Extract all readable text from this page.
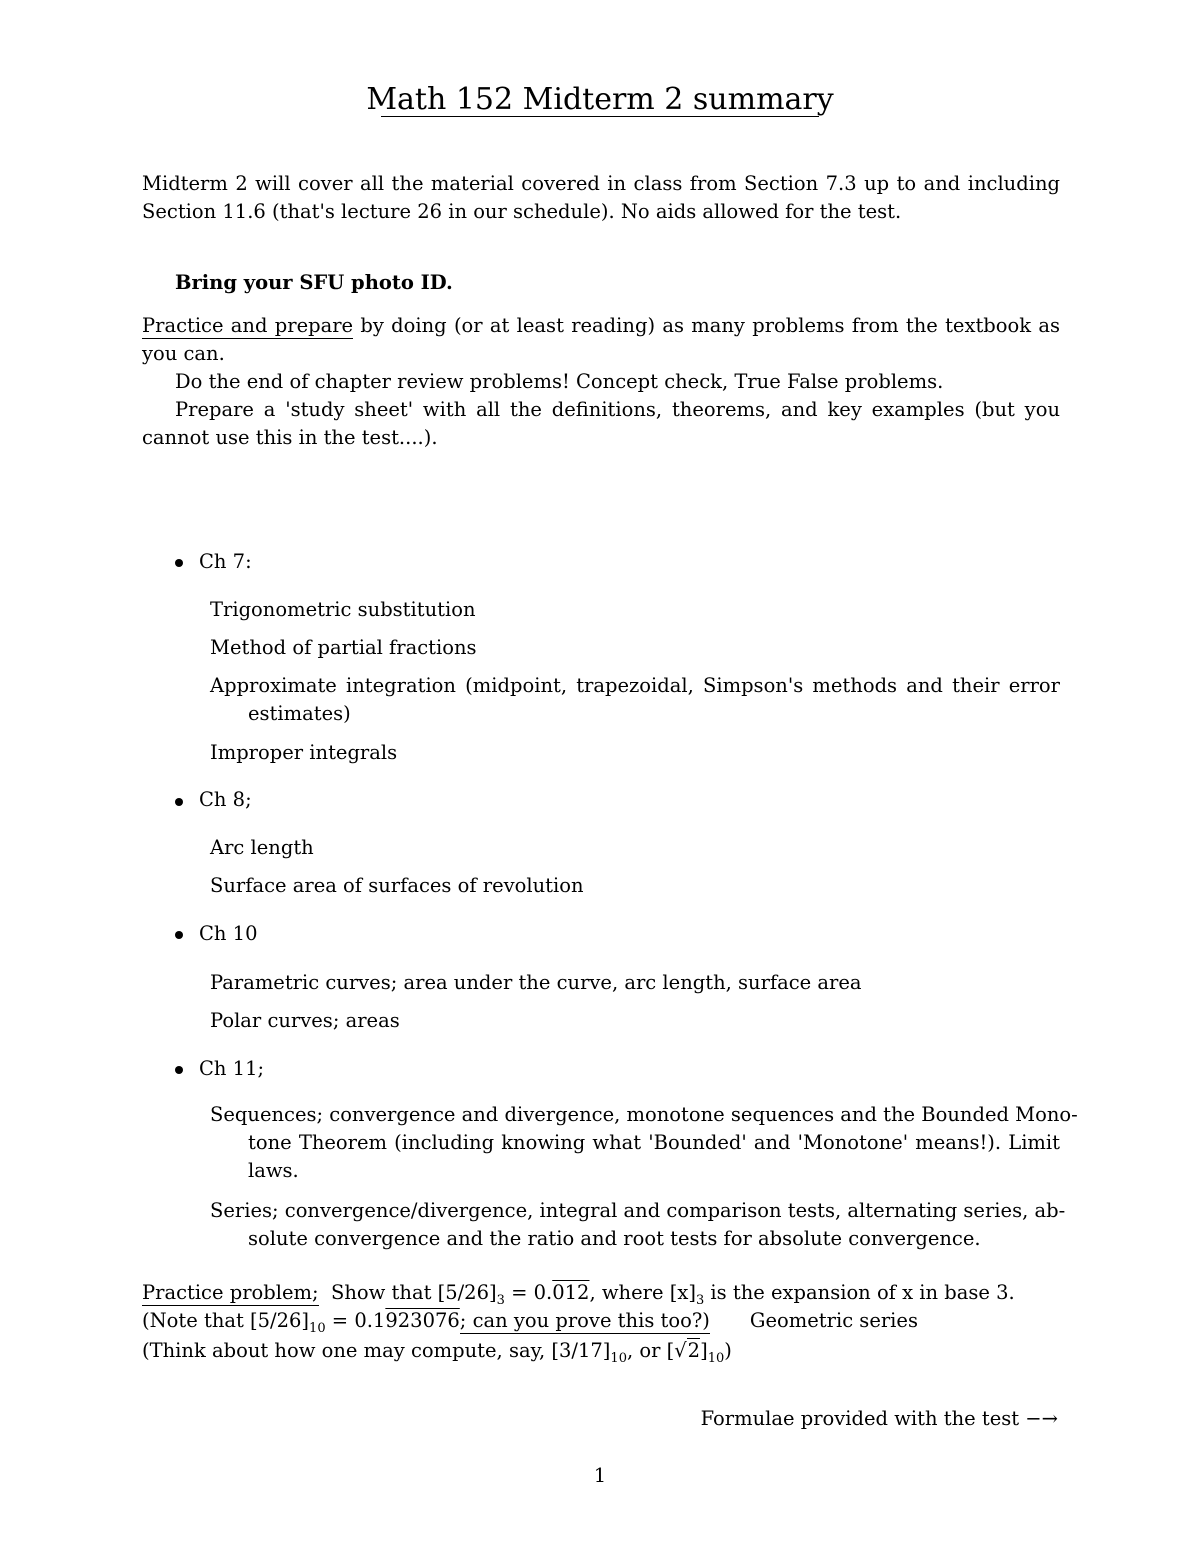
Math 152 Midterm 2 summary
Midterm 2 will cover all the material covered in class from Section 7.3 up to and including
Section 11.6 (that's lecture 26 in our schedule). No aids allowed for the test.
Bring your SFU photo ID.
Practice and prepare by doing (or at least reading) as many problems from the textbook as
you can.
Do the end of chapter review problems! Concept check, True False problems.
Prepare a 'study sheet' with all the definitions, theorems, and key examples (but you
cannot use this in the test....).
Ch 7:
Trigonometric substitution
Method of partial fractions
Approximate integration (midpoint, trapezoidal, Simpson's methods and their error
estimates)
Improper integrals
Ch 8;
Arc length
Surface area of surfaces of revolution
Ch 10
Parametric curves; area under the curve, arc length, surface area
Polar curves; areas
Ch 11;
Sequences; convergence and divergence, monotone sequences and the Bounded Mono-
tone Theorem (including knowing what 'Bounded' and 'Monotone' means!). Limit
laws.
Series; convergence/divergence, integral and comparison tests, alternating series, ab-
solute convergence and the ratio and root tests for absolute convergence.
Practice problem; Show that $[5/26]_3 = 0.012$, where $[x]_3$ is the expansion of x in base 3.
(Note that $[5/26]_{10} = 0.1923076$; can you prove this too?) Geometric series
(Think about how one may compute, say, $[3/17]_{10}$, or $[√2]_{10}$)
Formulae provided with the test −→
1
